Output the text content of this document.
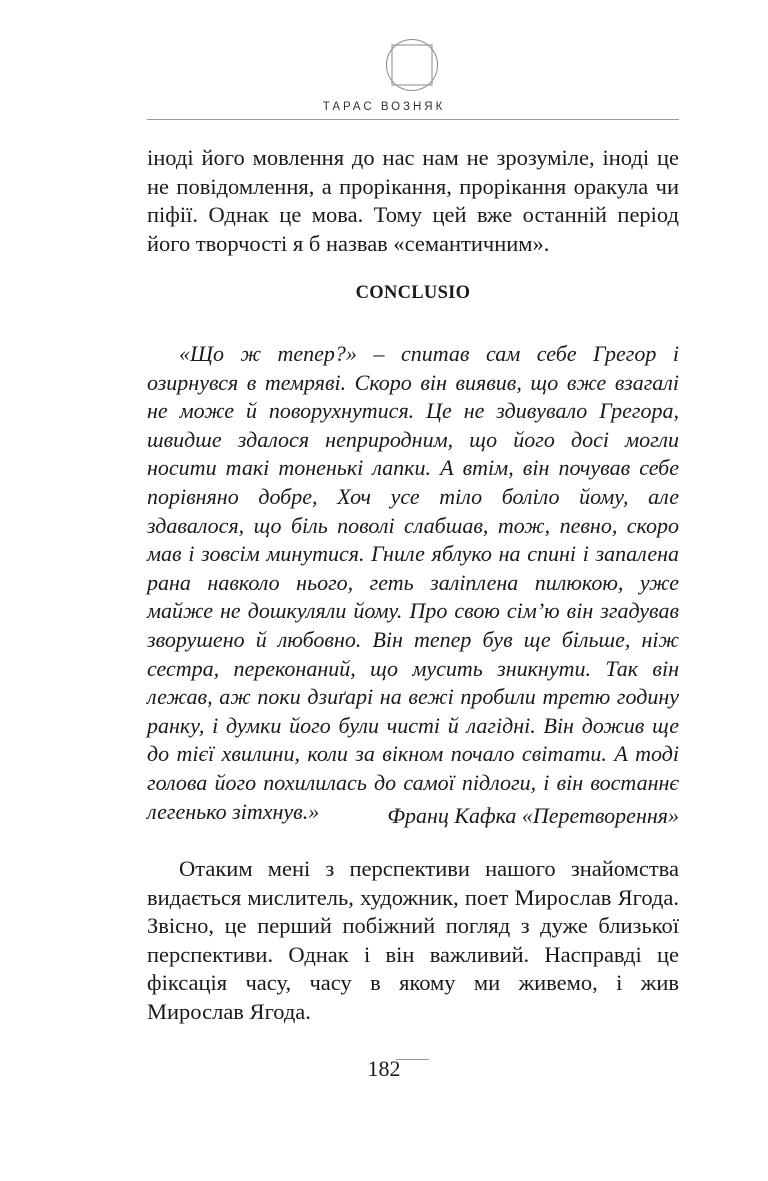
ТАРАС ВОЗНЯК

іноді його мовлення до нас нам не зрозуміле, іноді це не повідомлення, а прорікання, прорікання оракула чи піфії. Однак це мова. Тому цей вже останній період його творчості я б назвав «семантичним».

CONCLUSIO

«Що ж тепер?» – спитав сам себе Грегор і озирнувся в темряві. Скоро він виявив, що вже взагалі не може й поворухнутися. Це не здивувало Грегора, швидше здалося неприродним, що його досі могли носити такі тоненькі лапки. А втім, він почував себе порівняно добре, Хоч усе тіло боліло йому, але здавалося, що біль поволі слабшав, тож, певно, скоро мав і зовсім минутися. Гниле яблуко на спині і запалена рана навколо нього, геть заліплена пилюкою, уже майже не дошкуляли йому. Про свою сім’ю він згадував зворушено й любовно. Він тепер був ще більше, ніж сестра, переконаний, що мусить зникнути. Так він лежав, аж поки дзиґарі на вежі пробили третю годину ранку, і думки його були чисті й лагідні. Він дожив ще до тієї хвилини, коли за вікном почало світати. А тоді голова його похилилась до самої підлоги, і він востаннє легенько зітхнув.»	Франц Кафка «Перетворення»

Отаким мені з перспективи нашого знайомства видається мислитель, художник, поет Мирослав Ягода. Звісно, це перший побіжний погляд з дуже близької перспективи. Однак і він важливий. Насправді це фіксація часу, часу в якому ми живемо, і жив Мирослав Ягода.

182
